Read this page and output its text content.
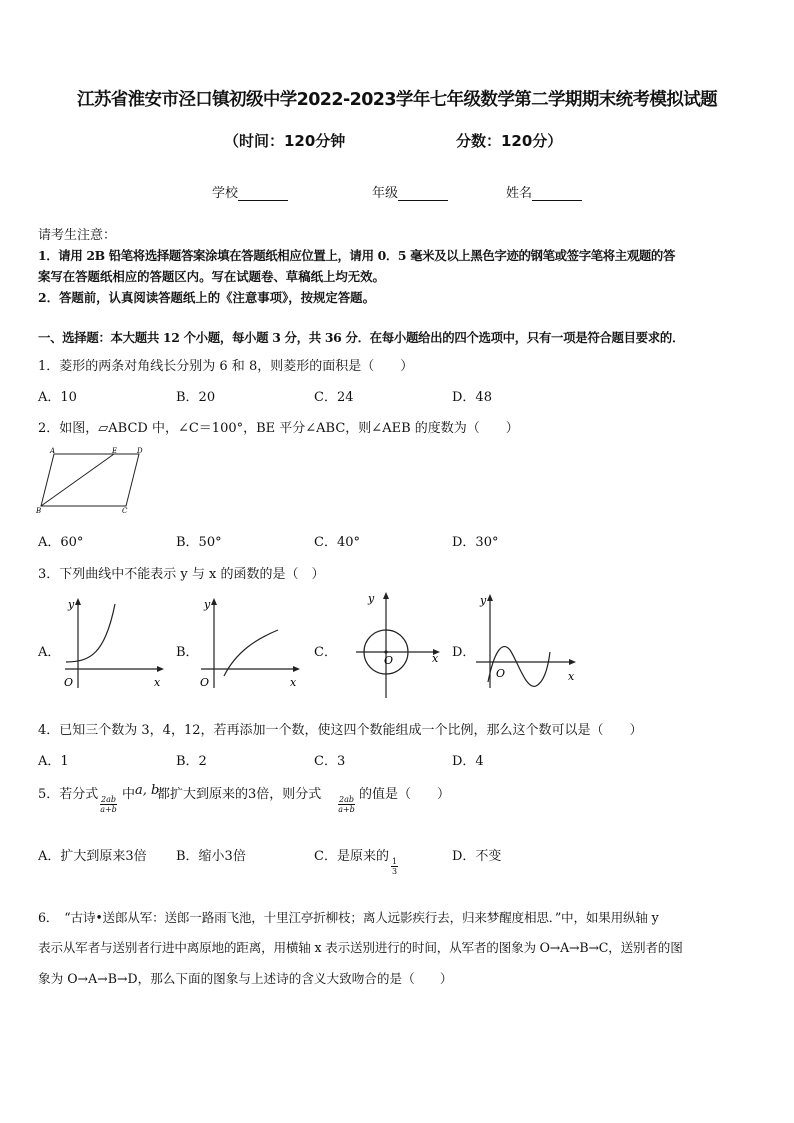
江苏省淮安市泾口镇初级中学2022-2023学年七年级数学第二学期期末统考模拟试题
（时间：120分钟	分数：120分）
学校	年级	姓名
请考生注意：
1．请用 2B 铅笔将选择题答案涂填在答题纸相应位置上，请用 0．5 毫米及以上黑色字迹的钢笔或签字笔将主观题的答
案写在答题纸相应的答题区内。写在试题卷、草稿纸上均无效。
2．答题前，认真阅读答题纸上的《注意事项》，按规定答题。
一、选择题：本大题共 12 个小题，每小题 3 分，共 36 分．在每小题给出的四个选项中，只有一项是符合题目要求的．
1．菱形的两条对角线长分别为 6 和 8，则菱形的面积是（　　）
A．10	B．20	C．24	D．48
2．如图，▱ABCD 中，∠C＝100°，BE 平分∠ABC，则∠AEB 的度数为（　　）
A	E	D
B	C
A．60°	B．50°	C．40°	D．30°
3．下列曲线中不能表示 y 与 x 的函数的是（　）
A．	B．	C．	D．
y
x
O
y
x
O
y
x
O
y
x
O
4．已知三个数为 3，4，12，若再添加一个数，使这四个数能组成一个比例，那么这个数可以是（　　）
A．1	B．2	C．3	D．4
5．若分式
$\frac{2ab}{a+b}$
中 a, b
都扩大到原来的3倍，则分式
$\frac{2ab}{a+b}$
的值是（　　）
A．扩大到原来3倍 B．缩小3倍	C．是原来的
$\frac{1}{3}$
D．不变
6．　“古诗•送郎从军：送郎一路雨飞池，十里江亭折柳枝；离人远影疾行去，归来梦醒度相思．”中，如果用纵轴 y
表示从军者与送别者行进中离原地的距离，用横轴 x 表示送别进行的时间，从军者的图象为 O→A→B→C，送别者的图
象为 O→A→B→D，那么下面的图象与上述诗的含义大致吻合的是（　　）
